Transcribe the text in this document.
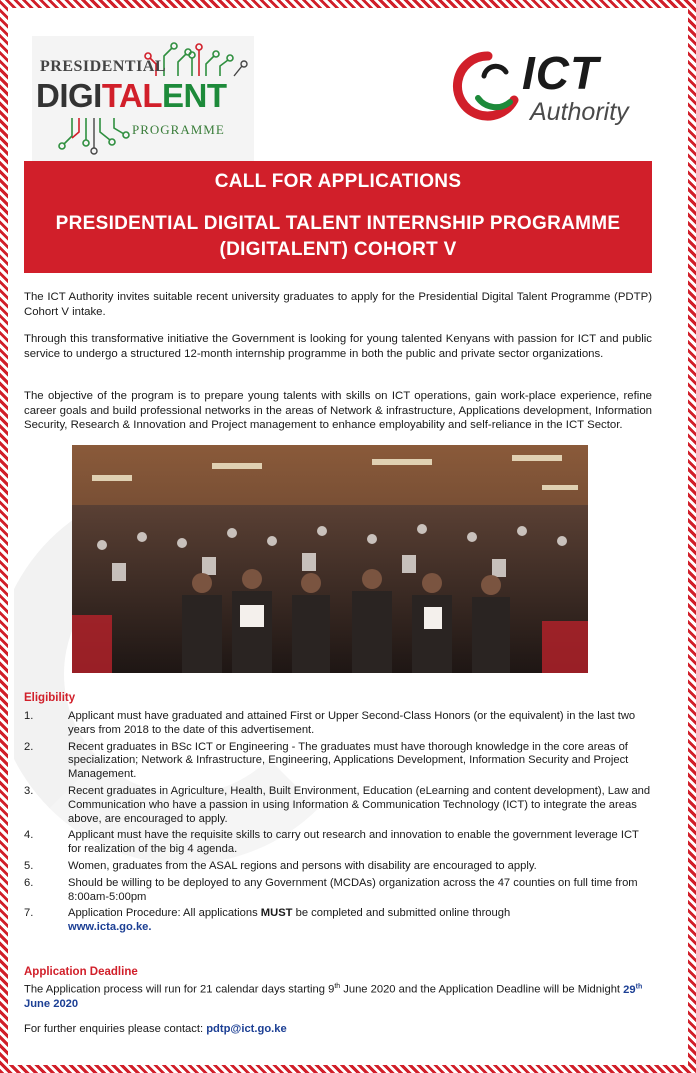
PRESIDENTIAL
DIGITALENT
PROGRAMME
ICT
Authority
CALL FOR APPLICATIONS
PRESIDENTIAL DIGITAL TALENT INTERNSHIP PROGRAMME
(DIGITALENT) COHORT V
The ICT Authority invites suitable recent university graduates to apply for the Presidential Digital Talent Programme (PDTP) Cohort V intake.
Through this transformative initiative the Government is looking for young talented Kenyans with passion for ICT and public service to undergo a structured 12-month internship programme in both the public and private sector organizations.
The objective of the program is to prepare young talents with skills on ICT operations, gain work-place experience, refine career goals and build professional networks in the areas of Network & infrastructure, Applications development, Information Security, Research & Innovation and Project management to enhance employability and self-reliance in the ICT Sector.
Eligibility
1.	Applicant must have graduated and attained First or Upper Second-Class Honors (or the equivalent) in the last two years from 2018 to the date of this advertisement.
2.	Recent graduates in BSc ICT or Engineering - The graduates must have thorough knowledge in the core areas of specialization; Network & Infrastructure, Engineering, Applications Development, Information Security and Project Management.
3.	Recent graduates in Agriculture, Health, Built Environment, Education (eLearning and content development), Law and Communication who have a passion in using Information & Communication Technology (ICT) to integrate the areas above, are encouraged to apply.
4.	Applicant must have the requisite skills to carry out research and innovation to enable the government leverage ICT for realization of the big 4 agenda.
5.	Women, graduates from the ASAL regions and persons with disability are encouraged to apply.
6.	Should be willing to be deployed to any Government (MCDAs) organization across the 47 counties on full time from 8:00am-5:00pm
7.	Application Procedure: All applications MUST be completed and submitted online through
www.icta.go.ke.
Application Deadline
The Application process will run for 21 calendar days starting 9th June 2020 and the Application Deadline will be Midnight 29th June 2020
For further enquiries please contact: pdtp@ict.go.ke
